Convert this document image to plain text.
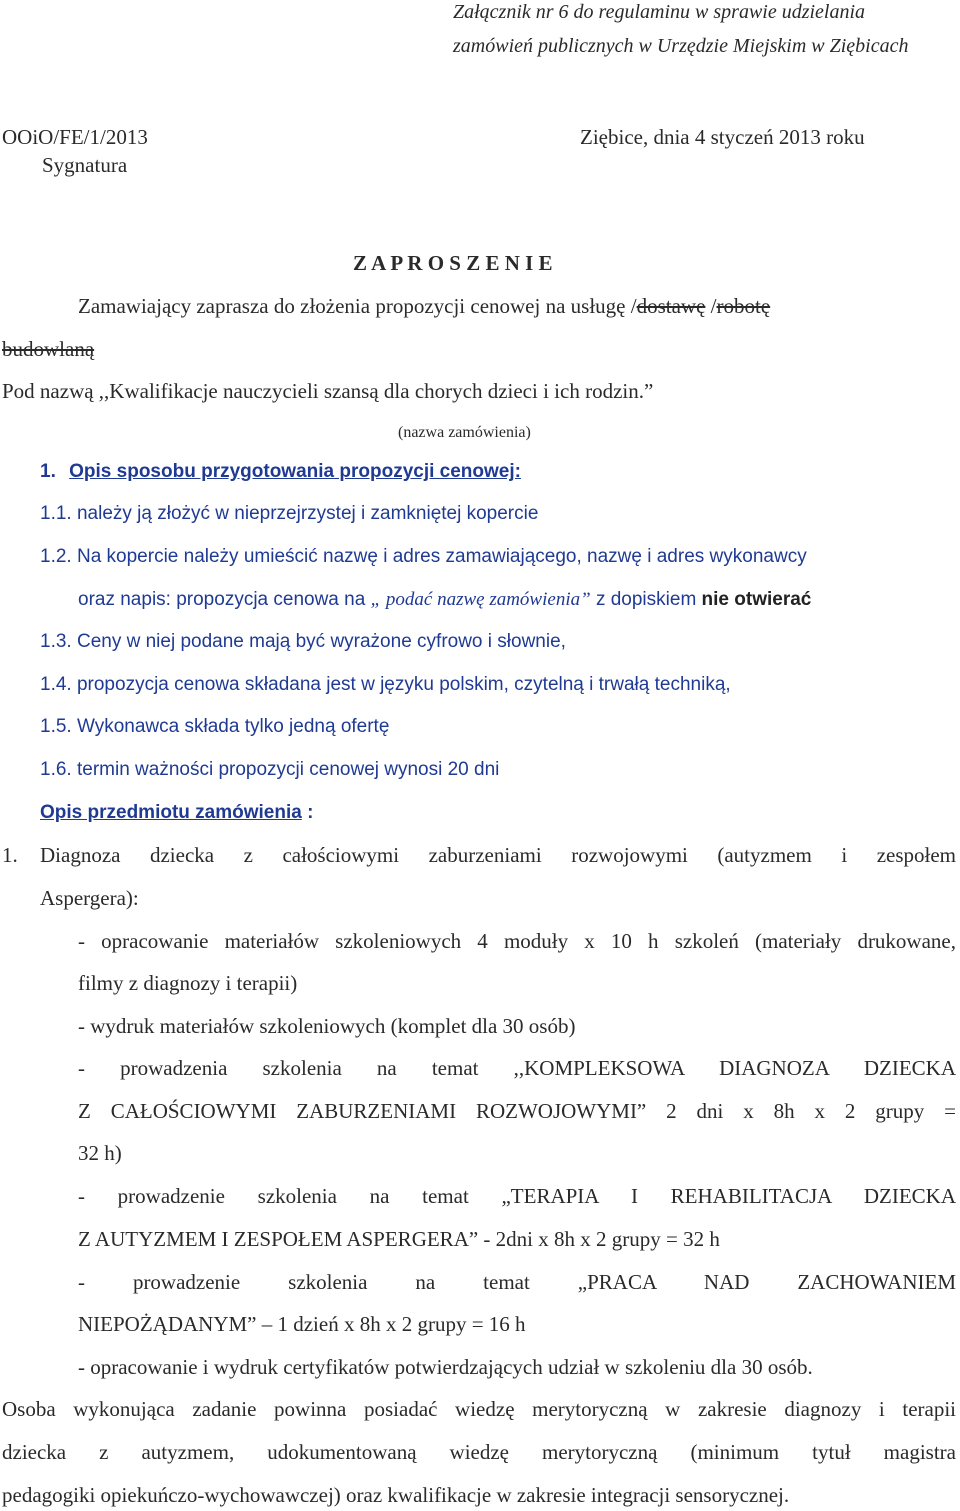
Załącznik nr 6 do regulaminu w sprawie udzielania
zamówień publicznych w Urzędzie Miejskim w Ziębicach
OOiO/FE/1/2013
Sygnatura
Ziębice, dnia 4 styczeń 2013 roku
Z A P R O S Z E N I E
Zamawiający zaprasza do złożenia propozycji cenowej na usługę /dostawę /robotę
budowlaną
Pod nazwą ,,Kwalifikacje nauczycieli szansą dla chorych dzieci i ich rodzin.”
(nazwa zamówienia)
1. Opis sposobu przygotowania propozycji cenowej:
1.1. należy ją złożyć w nieprzejrzystej i zamkniętej kopercie
1.2. Na kopercie należy umieścić nazwę i adres zamawiającego, nazwę i adres wykonawcy
oraz napis: propozycja cenowa na „ podać nazwę zamówienia” z dopiskiem nie otwierać
1.3. Ceny w niej podane mają być wyrażone cyfrowo i słownie,
1.4. propozycja cenowa składana jest w języku polskim, czytelną i trwałą techniką,
1.5. Wykonawca składa tylko jedną ofertę
1.6. termin ważności propozycji cenowej wynosi 20 dni
Opis przedmiotu zamówienia :
1. Diagnoza dziecka z całościowymi zaburzeniami rozwojowymi (autyzmem i zespołem
Aspergera):
- opracowanie materiałów szkoleniowych 4 moduły x 10 h szkoleń (materiały drukowane,
filmy z diagnozy i terapii)
- wydruk materiałów szkoleniowych (komplet dla 30 osób)
- prowadzenia szkolenia na temat ,,KOMPLEKSOWA DIAGNOZA DZIECKA
Z CAŁOŚCIOWYMI ZABURZENIAMI ROZWOJOWYMI” 2 dni x 8h x 2 grupy =
32 h)
- prowadzenie szkolenia na temat „TERAPIA I REHABILITACJA DZIECKA
Z AUTYZMEM I ZESPOŁEM ASPERGERA” - 2dni x 8h x 2 grupy = 32 h
- prowadzenie szkolenia na temat „PRACA NAD ZACHOWANIEM
NIEPOŻĄDANYM” – 1 dzień x 8h x 2 grupy = 16 h
- opracowanie i wydruk certyfikatów potwierdzających udział w szkoleniu dla 30 osób.
Osoba wykonująca zadanie powinna posiadać wiedzę merytoryczną w zakresie diagnozy i terapii
dziecka z autyzmem, udokumentowaną wiedzę merytoryczną (minimum tytuł magistra
pedagogiki opiekuńczo-wychowawczej) oraz kwalifikacje w zakresie integracji sensorycznej.
